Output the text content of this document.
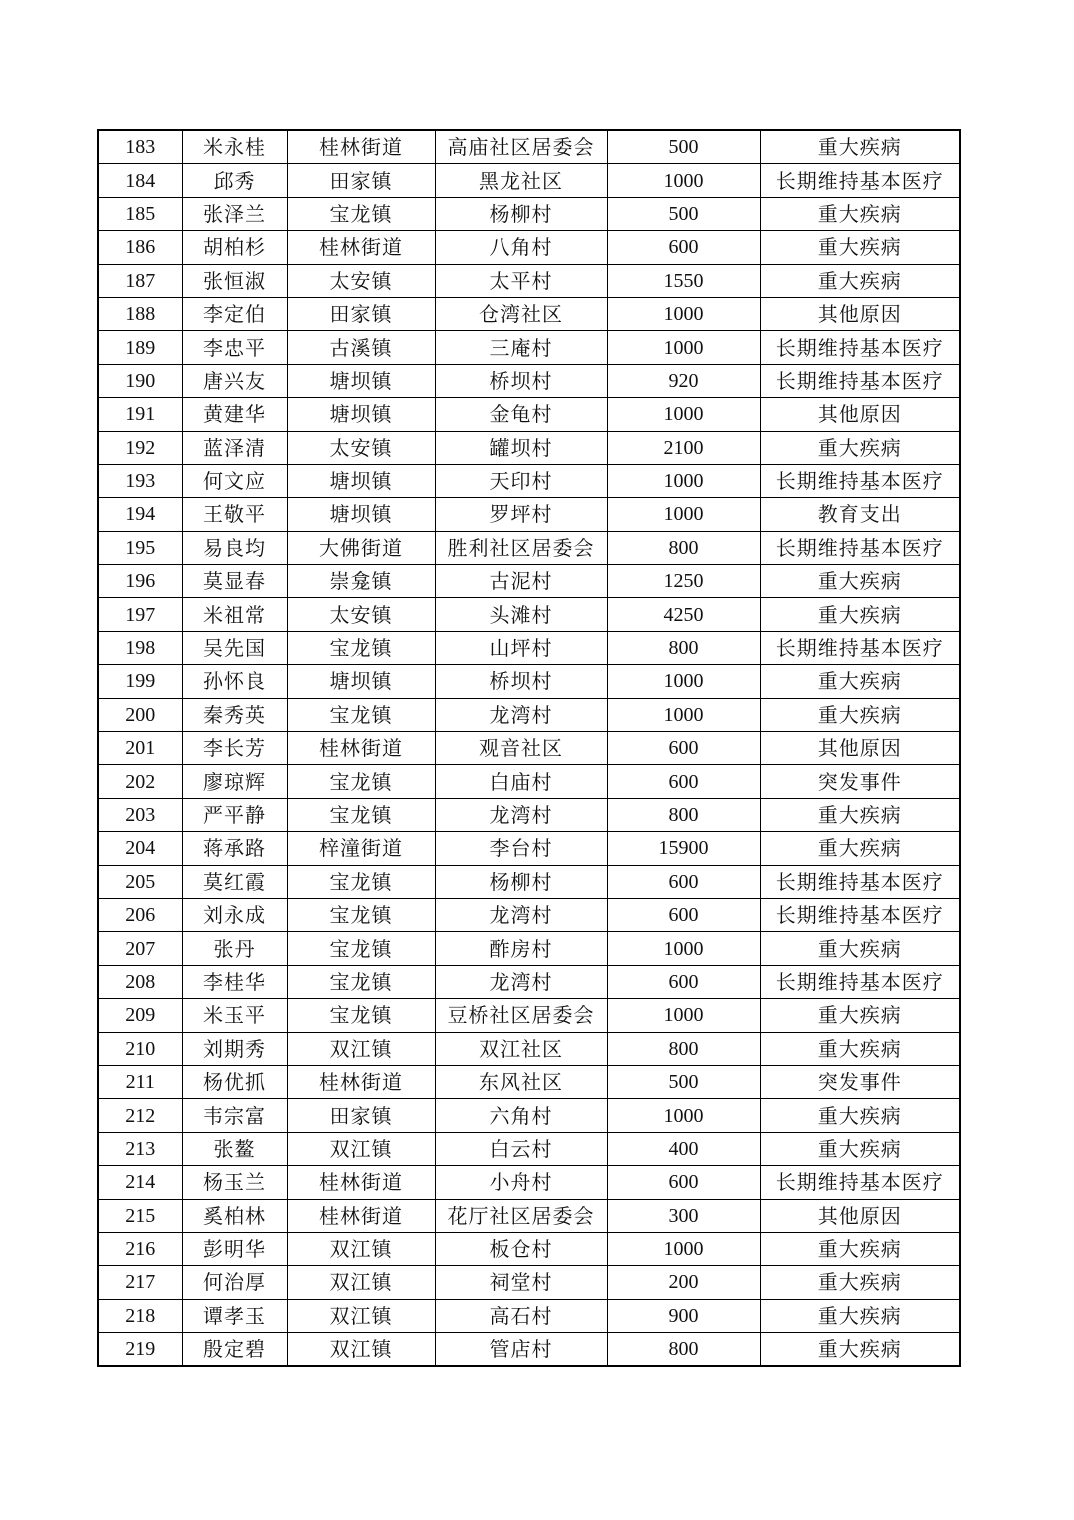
183	米永桂	桂林街道	高庙社区居委会	500	重大疾病
184	邱秀	田家镇	黑龙社区	1000	长期维持基本医疗
185	张泽兰	宝龙镇	杨柳村	500	重大疾病
186	胡柏杉	桂林街道	八角村	600	重大疾病
187	张恒淑	太安镇	太平村	1550	重大疾病
188	李定伯	田家镇	仓湾社区	1000	其他原因
189	李忠平	古溪镇	三庵村	1000	长期维持基本医疗
190	唐兴友	塘坝镇	桥坝村	920	长期维持基本医疗
191	黄建华	塘坝镇	金龟村	1000	其他原因
192	蓝泽清	太安镇	罐坝村	2100	重大疾病
193	何文应	塘坝镇	天印村	1000	长期维持基本医疗
194	王敬平	塘坝镇	罗坪村	1000	教育支出
195	易良均	大佛街道	胜利社区居委会	800	长期维持基本医疗
196	莫显春	崇龛镇	古泥村	1250	重大疾病
197	米祖常	太安镇	头滩村	4250	重大疾病
198	吴先国	宝龙镇	山坪村	800	长期维持基本医疗
199	孙怀良	塘坝镇	桥坝村	1000	重大疾病
200	秦秀英	宝龙镇	龙湾村	1000	重大疾病
201	李长芳	桂林街道	观音社区	600	其他原因
202	廖琼辉	宝龙镇	白庙村	600	突发事件
203	严平静	宝龙镇	龙湾村	800	重大疾病
204	蒋承路	梓潼街道	李台村	15900	重大疾病
205	莫红霞	宝龙镇	杨柳村	600	长期维持基本医疗
206	刘永成	宝龙镇	龙湾村	600	长期维持基本医疗
207	张丹	宝龙镇	酢房村	1000	重大疾病
208	李桂华	宝龙镇	龙湾村	600	长期维持基本医疗
209	米玉平	宝龙镇	豆桥社区居委会	1000	重大疾病
210	刘期秀	双江镇	双江社区	800	重大疾病
211	杨优抓	桂林街道	东风社区	500	突发事件
212	韦宗富	田家镇	六角村	1000	重大疾病
213	张鳌	双江镇	白云村	400	重大疾病
214	杨玉兰	桂林街道	小舟村	600	长期维持基本医疗
215	奚柏林	桂林街道	花厅社区居委会	300	其他原因
216	彭明华	双江镇	板仓村	1000	重大疾病
217	何治厚	双江镇	祠堂村	200	重大疾病
218	谭孝玉	双江镇	高石村	900	重大疾病
219	殷定碧	双江镇	管店村	800	重大疾病
